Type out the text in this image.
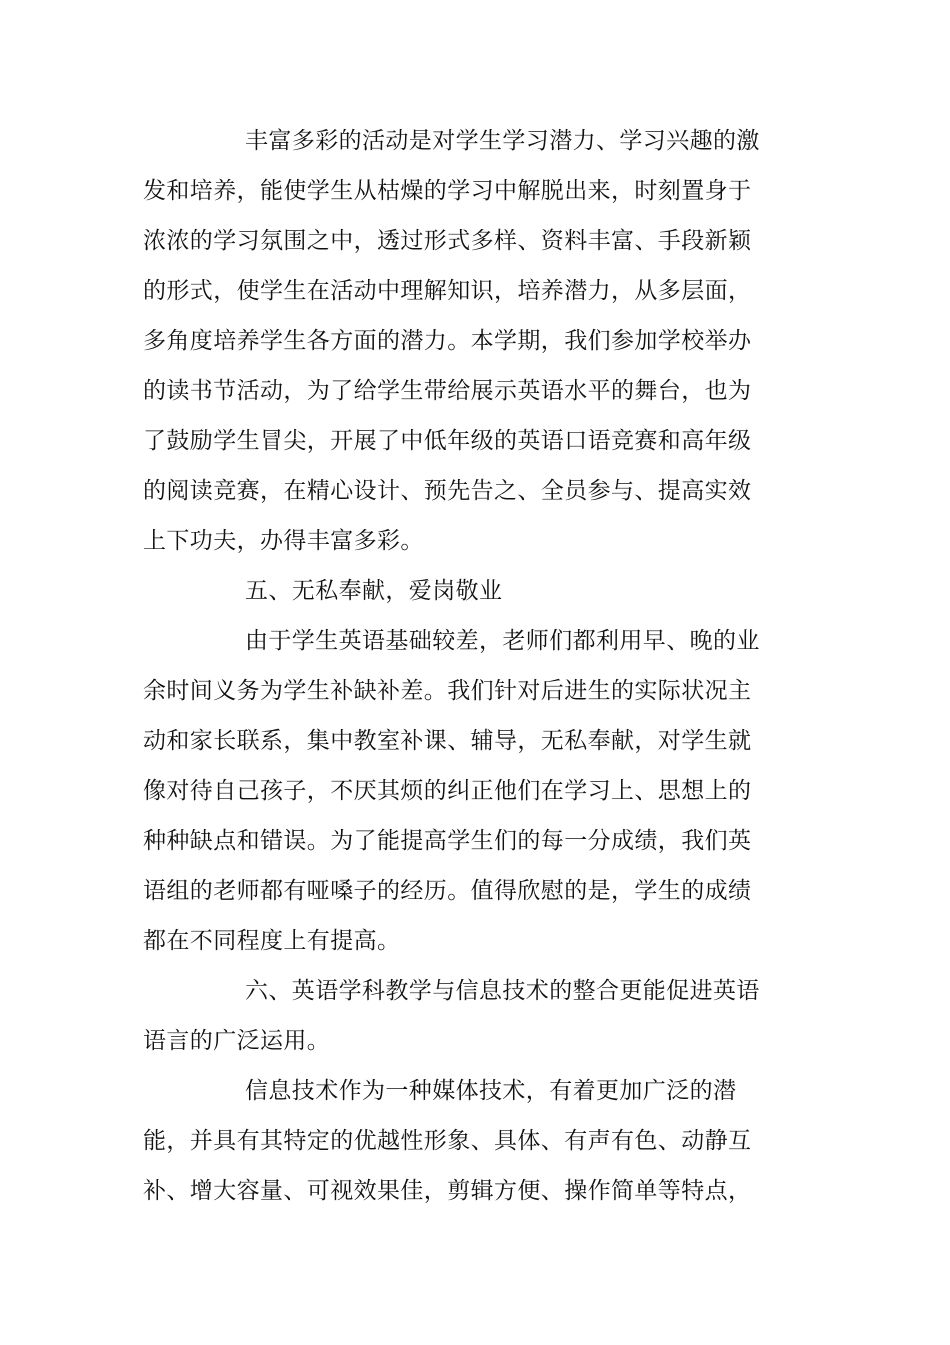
丰富多彩的活动是对学生学习潜力、学习兴趣的激
发和培养，能使学生从枯燥的学习中解脱出来，时刻置身于
浓浓的学习氛围之中，透过形式多样、资料丰富、手段新颖
的形式，使学生在活动中理解知识，培养潜力，从多层面，
多角度培养学生各方面的潜力。本学期，我们参加学校举办
的读书节活动，为了给学生带给展示英语水平的舞台，也为
了鼓励学生冒尖，开展了中低年级的英语口语竞赛和高年级
的阅读竞赛，在精心设计、预先告之、全员参与、提高实效
上下功夫，办得丰富多彩。
五、无私奉献，爱岗敬业
由于学生英语基础较差，老师们都利用早、晚的业
余时间义务为学生补缺补差。我们针对后进生的实际状况主
动和家长联系，集中教室补课、辅导，无私奉献，对学生就
像对待自己孩子，不厌其烦的纠正他们在学习上、思想上的
种种缺点和错误。为了能提高学生们的每一分成绩，我们英
语组的老师都有哑嗓子的经历。值得欣慰的是，学生的成绩
都在不同程度上有提高。
六、英语学科教学与信息技术的整合更能促进英语
语言的广泛运用。
信息技术作为一种媒体技术，有着更加广泛的潜
能，并具有其特定的优越性形象、具体、有声有色、动静互
补、增大容量、可视效果佳，剪辑方便、操作简单等特点，
